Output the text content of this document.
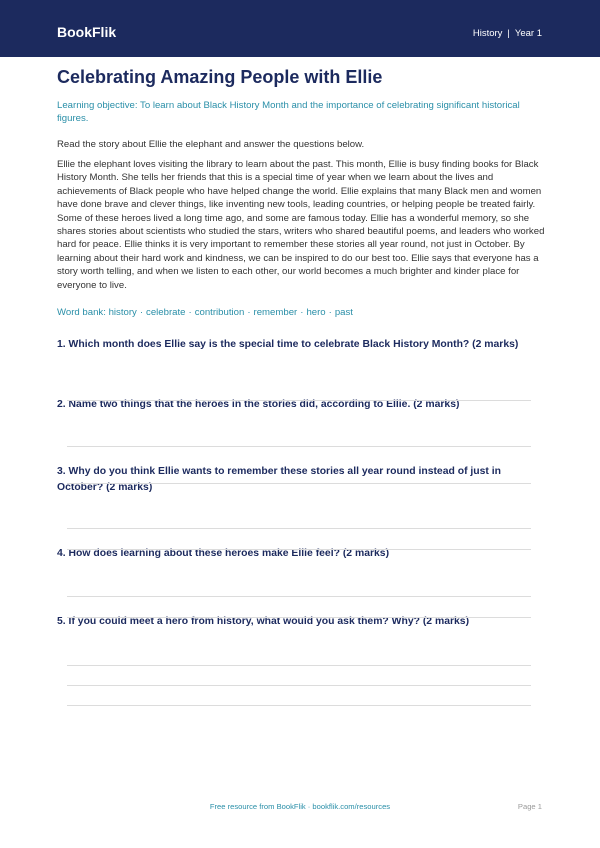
BookFlik	History | Year 1
Celebrating Amazing People with Ellie
Learning objective: To learn about Black History Month and the importance of celebrating significant historical figures.
Read the story about Ellie the elephant and answer the questions below.

Ellie the elephant loves visiting the library to learn about the past. This month, Ellie is busy finding books for Black History Month. She tells her friends that this is a special time of year when we learn about the lives and achievements of Black people who have helped change the world. Ellie explains that many Black men and women have done brave and clever things, like inventing new tools, leading countries, or helping people be treated fairly. Some of these heroes lived a long time ago, and some are famous today. Ellie has a wonderful memory, so she shares stories about scientists who studied the stars, writers who shared beautiful poems, and leaders who worked hard for peace. Ellie thinks it is very important to remember these stories all year round, not just in October. By learning about their hard work and kindness, we can be inspired to do our best too. Ellie says that everyone has a story worth telling, and when we listen to each other, our world becomes a much brighter and kinder place for everyone to live.

Word bank: history · celebrate · contribution · remember · hero · past

1. Which month does Ellie say is the special time to celebrate Black History Month? (2 marks)

2. Name two things that the heroes in the stories did, according to Ellie. (2 marks)

3. Why do you think Ellie wants to remember these stories all year round instead of just in October? (2 marks)

4. How does learning about these heroes make Ellie feel? (2 marks)

5. If you could meet a hero from history, what would you ask them? Why? (2 marks)

Free resource from BookFlik · bookflik.com/resources	Page 1
